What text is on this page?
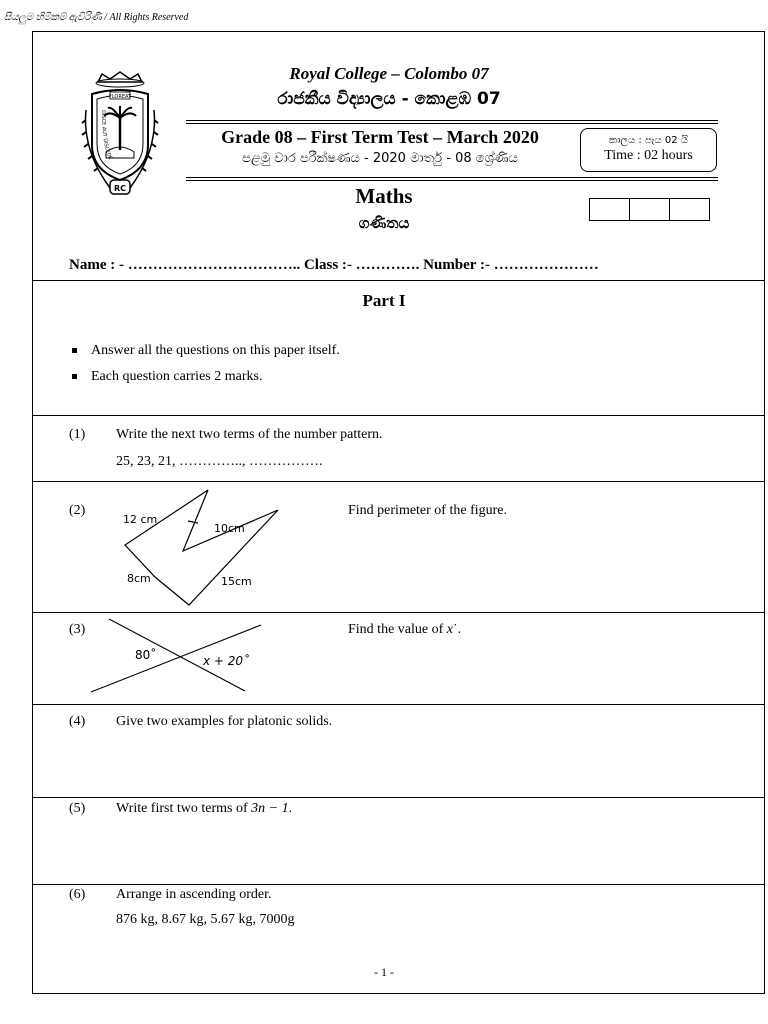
සියලුම හිමිකම් ඇවිරිණි / All Rights Reserved
FLOREAT
DISCE AUT DISCEDE
RC
Royal College – Colombo 07
රාජකීය විද්‍යාලය - කොළඹ 07
Grade 08 – First Term Test – March 2020
පළමු වාර පරීක්ෂණය - 2020 මාර්තු - 08 ශ්‍රේණිය
කාලය : පැය 02 යි
Time : 02 hours
Maths
ගණිතය
Name : - …………………………….. Class :- …………. Number :- …………………
Part I
Answer all the questions on this paper itself.
Each question carries 2 marks.
(1) Write the next two terms of the number pattern.
25, 23, 21, ………….., …………….
(2)	Find perimeter of the figure.
12 cm
10cm
8cm	15cm
(3)	Find the value of x˙.
80˚	x + 20˚
(4) Give two examples for platonic solids.
(5) Write first two terms of 3n − 1.
(6) Arrange in ascending order.
876 kg, 8.67 kg, 5.67 kg, 7000g
- 1 -
